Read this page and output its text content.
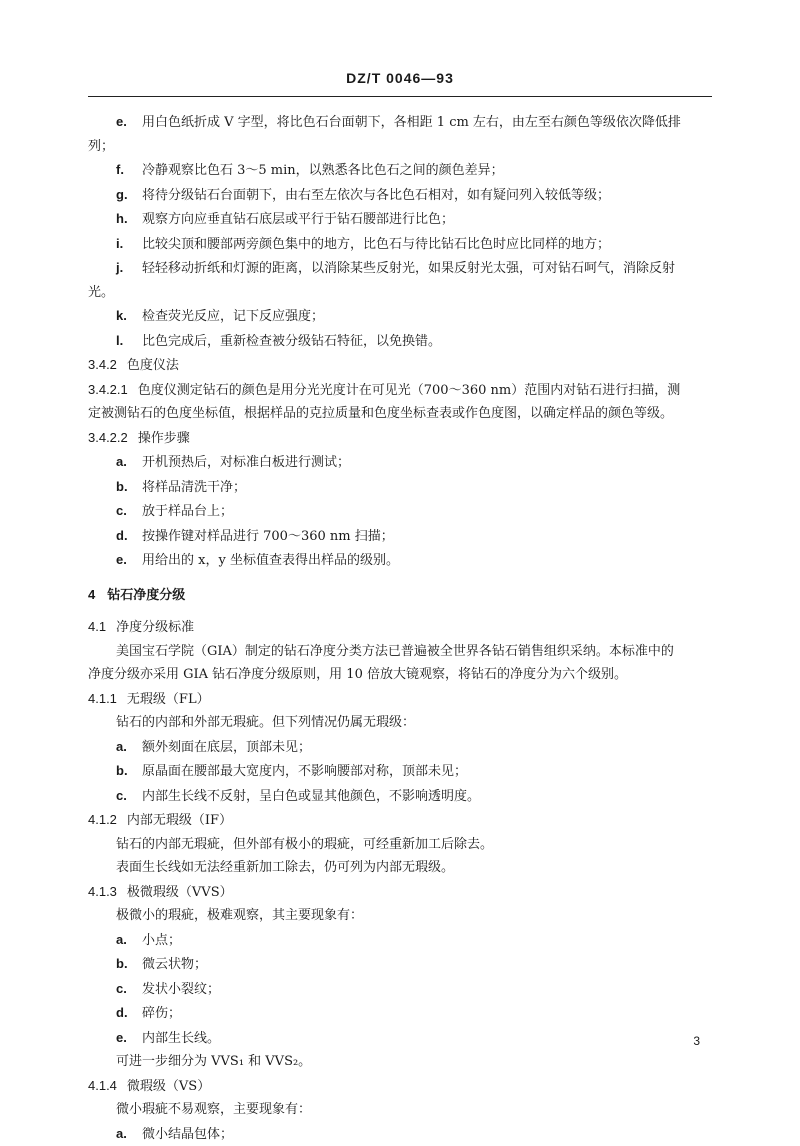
DZ/T 0046—93
e. 用白色纸折成 V 字型，将比色石台面朝下，各相距 1 cm 左右，由左至右颜色等级依次降低排
列；
f. 冷静观察比色石 3～5 min，以熟悉各比色石之间的颜色差异；
g. 将待分级钻石台面朝下，由右至左依次与各比色石相对，如有疑问列入较低等级；
h. 观察方向应垂直钻石底层或平行于钻石腰部进行比色；
i. 比较尖顶和腰部两旁颜色集中的地方，比色石与待比钻石比色时应比同样的地方；
j. 轻轻移动折纸和灯源的距离，以消除某些反射光，如果反射光太强，可对钻石呵气，消除反射
光。
k. 检查荧光反应，记下反应强度；
l. 比色完成后，重新检查被分级钻石特征，以免换错。
3.4.2 色度仪法
3.4.2.1 色度仪测定钻石的颜色是用分光光度计在可见光（700～360 nm）范围内对钻石进行扫描，测
定被测钻石的色度坐标值，根据样品的克拉质量和色度坐标查表或作色度图，以确定样品的颜色等级。
3.4.2.2 操作步骤
a. 开机预热后，对标准白板进行测试；
b. 将样品清洗干净；
c. 放于样品台上；
d. 按操作键对样品进行 700～360 nm 扫描；
e. 用给出的 x，y 坐标值查表得出样品的级别。
4 钻石净度分级
4.1 净度分级标准
美国宝石学院（GIA）制定的钻石净度分类方法已普遍被全世界各钻石销售组织采纳。本标准中的
净度分级亦采用 GIA 钻石净度分级原则，用 10 倍放大镜观察，将钻石的净度分为六个级别。
4.1.1 无瑕级（FL）
钻石的内部和外部无瑕疵。但下列情况仍属无瑕级：
a. 额外刻面在底层，顶部未见；
b. 原晶面在腰部最大宽度内，不影响腰部对称，顶部未见；
c. 内部生长线不反射，呈白色或显其他颜色，不影响透明度。
4.1.2 内部无瑕级（IF）
钻石的内部无瑕疵，但外部有极小的瑕疵，可经重新加工后除去。
表面生长线如无法经重新加工除去，仍可列为内部无瑕级。
4.1.3 极微瑕级（VVS）
极微小的瑕疵，极难观察，其主要现象有：
a. 小点；
b. 微云状物；
c. 发状小裂纹；
d. 碎伤；
e. 内部生长线。
可进一步细分为 VVS₁ 和 VVS₂。
4.1.4 微瑕级（VS）
微小瑕疵不易观察，主要现象有：
a. 微小结晶包体；
3
